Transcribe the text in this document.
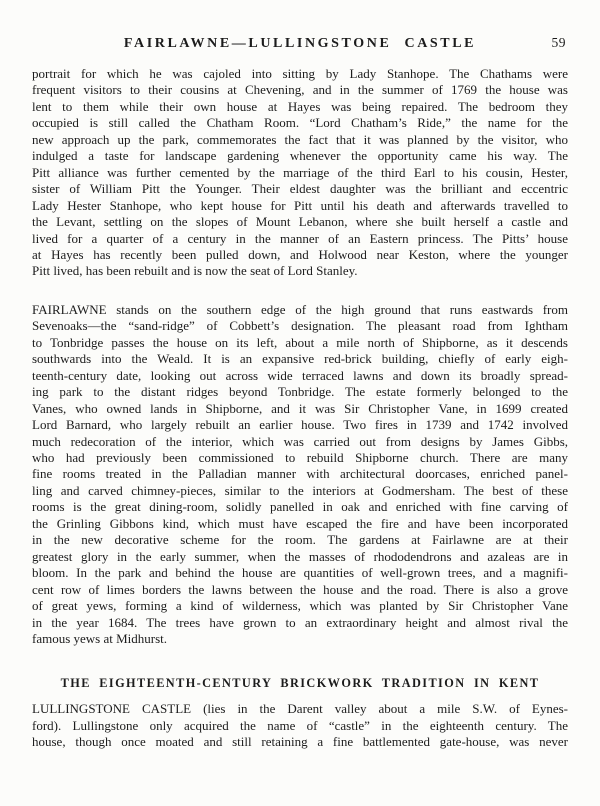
FAIRLAWNE—LULLINGSTONE CASTLE	59
portrait for which he was cajoled into sitting by Lady Stanhope. The Chathams were
frequent visitors to their cousins at Chevening, and in the summer of 1769 the house was
lent to them while their own house at Hayes was being repaired. The bedroom they
occupied is still called the Chatham Room. “Lord Chatham’s Ride,” the name for the
new approach up the park, commemorates the fact that it was planned by the visitor, who
indulged a taste for landscape gardening whenever the opportunity came his way. The
Pitt alliance was further cemented by the marriage of the third Earl to his cousin, Hester,
sister of William Pitt the Younger. Their eldest daughter was the brilliant and eccentric
Lady Hester Stanhope, who kept house for Pitt until his death and afterwards travelled to
the Levant, settling on the slopes of Mount Lebanon, where she built herself a castle and
lived for a quarter of a century in the manner of an Eastern princess. The Pitts’ house
at Hayes has recently been pulled down, and Holwood near Keston, where the younger
Pitt lived, has been rebuilt and is now the seat of Lord Stanley.
FAIRLAWNE stands on the southern edge of the high ground that runs eastwards from
Sevenoaks—the “sand-ridge” of Cobbett’s designation. The pleasant road from Ightham
to Tonbridge passes the house on its left, about a mile north of Shipborne, as it descends
southwards into the Weald. It is an expansive red-brick building, chiefly of early eigh-
teenth-century date, looking out across wide terraced lawns and down its broadly spread-
ing park to the distant ridges beyond Tonbridge. The estate formerly belonged to the
Vanes, who owned lands in Shipborne, and it was Sir Christopher Vane, in 1699 created
Lord Barnard, who largely rebuilt an earlier house. Two fires in 1739 and 1742 involved
much redecoration of the interior, which was carried out from designs by James Gibbs,
who had previously been commissioned to rebuild Shipborne church. There are many
fine rooms treated in the Palladian manner with architectural doorcases, enriched panel-
ling and carved chimney-pieces, similar to the interiors at Godmersham. The best of these
rooms is the great dining-room, solidly panelled in oak and enriched with fine carving of
the Grinling Gibbons kind, which must have escaped the fire and have been incorporated
in the new decorative scheme for the room. The gardens at Fairlawne are at their
greatest glory in the early summer, when the masses of rhododendrons and azaleas are in
bloom. In the park and behind the house are quantities of well-grown trees, and a magnifi-
cent row of limes borders the lawns between the house and the road. There is also a grove
of great yews, forming a kind of wilderness, which was planted by Sir Christopher Vane
in the year 1684. The trees have grown to an extraordinary height and almost rival the
famous yews at Midhurst.
THE EIGHTEENTH-CENTURY BRICKWORK TRADITION IN KENT
LULLINGSTONE CASTLE (lies in the Darent valley about a mile S.W. of Eynes-
ford). Lullingstone only acquired the name of “castle” in the eighteenth century. The
house, though once moated and still retaining a fine battlemented gate-house, was never
